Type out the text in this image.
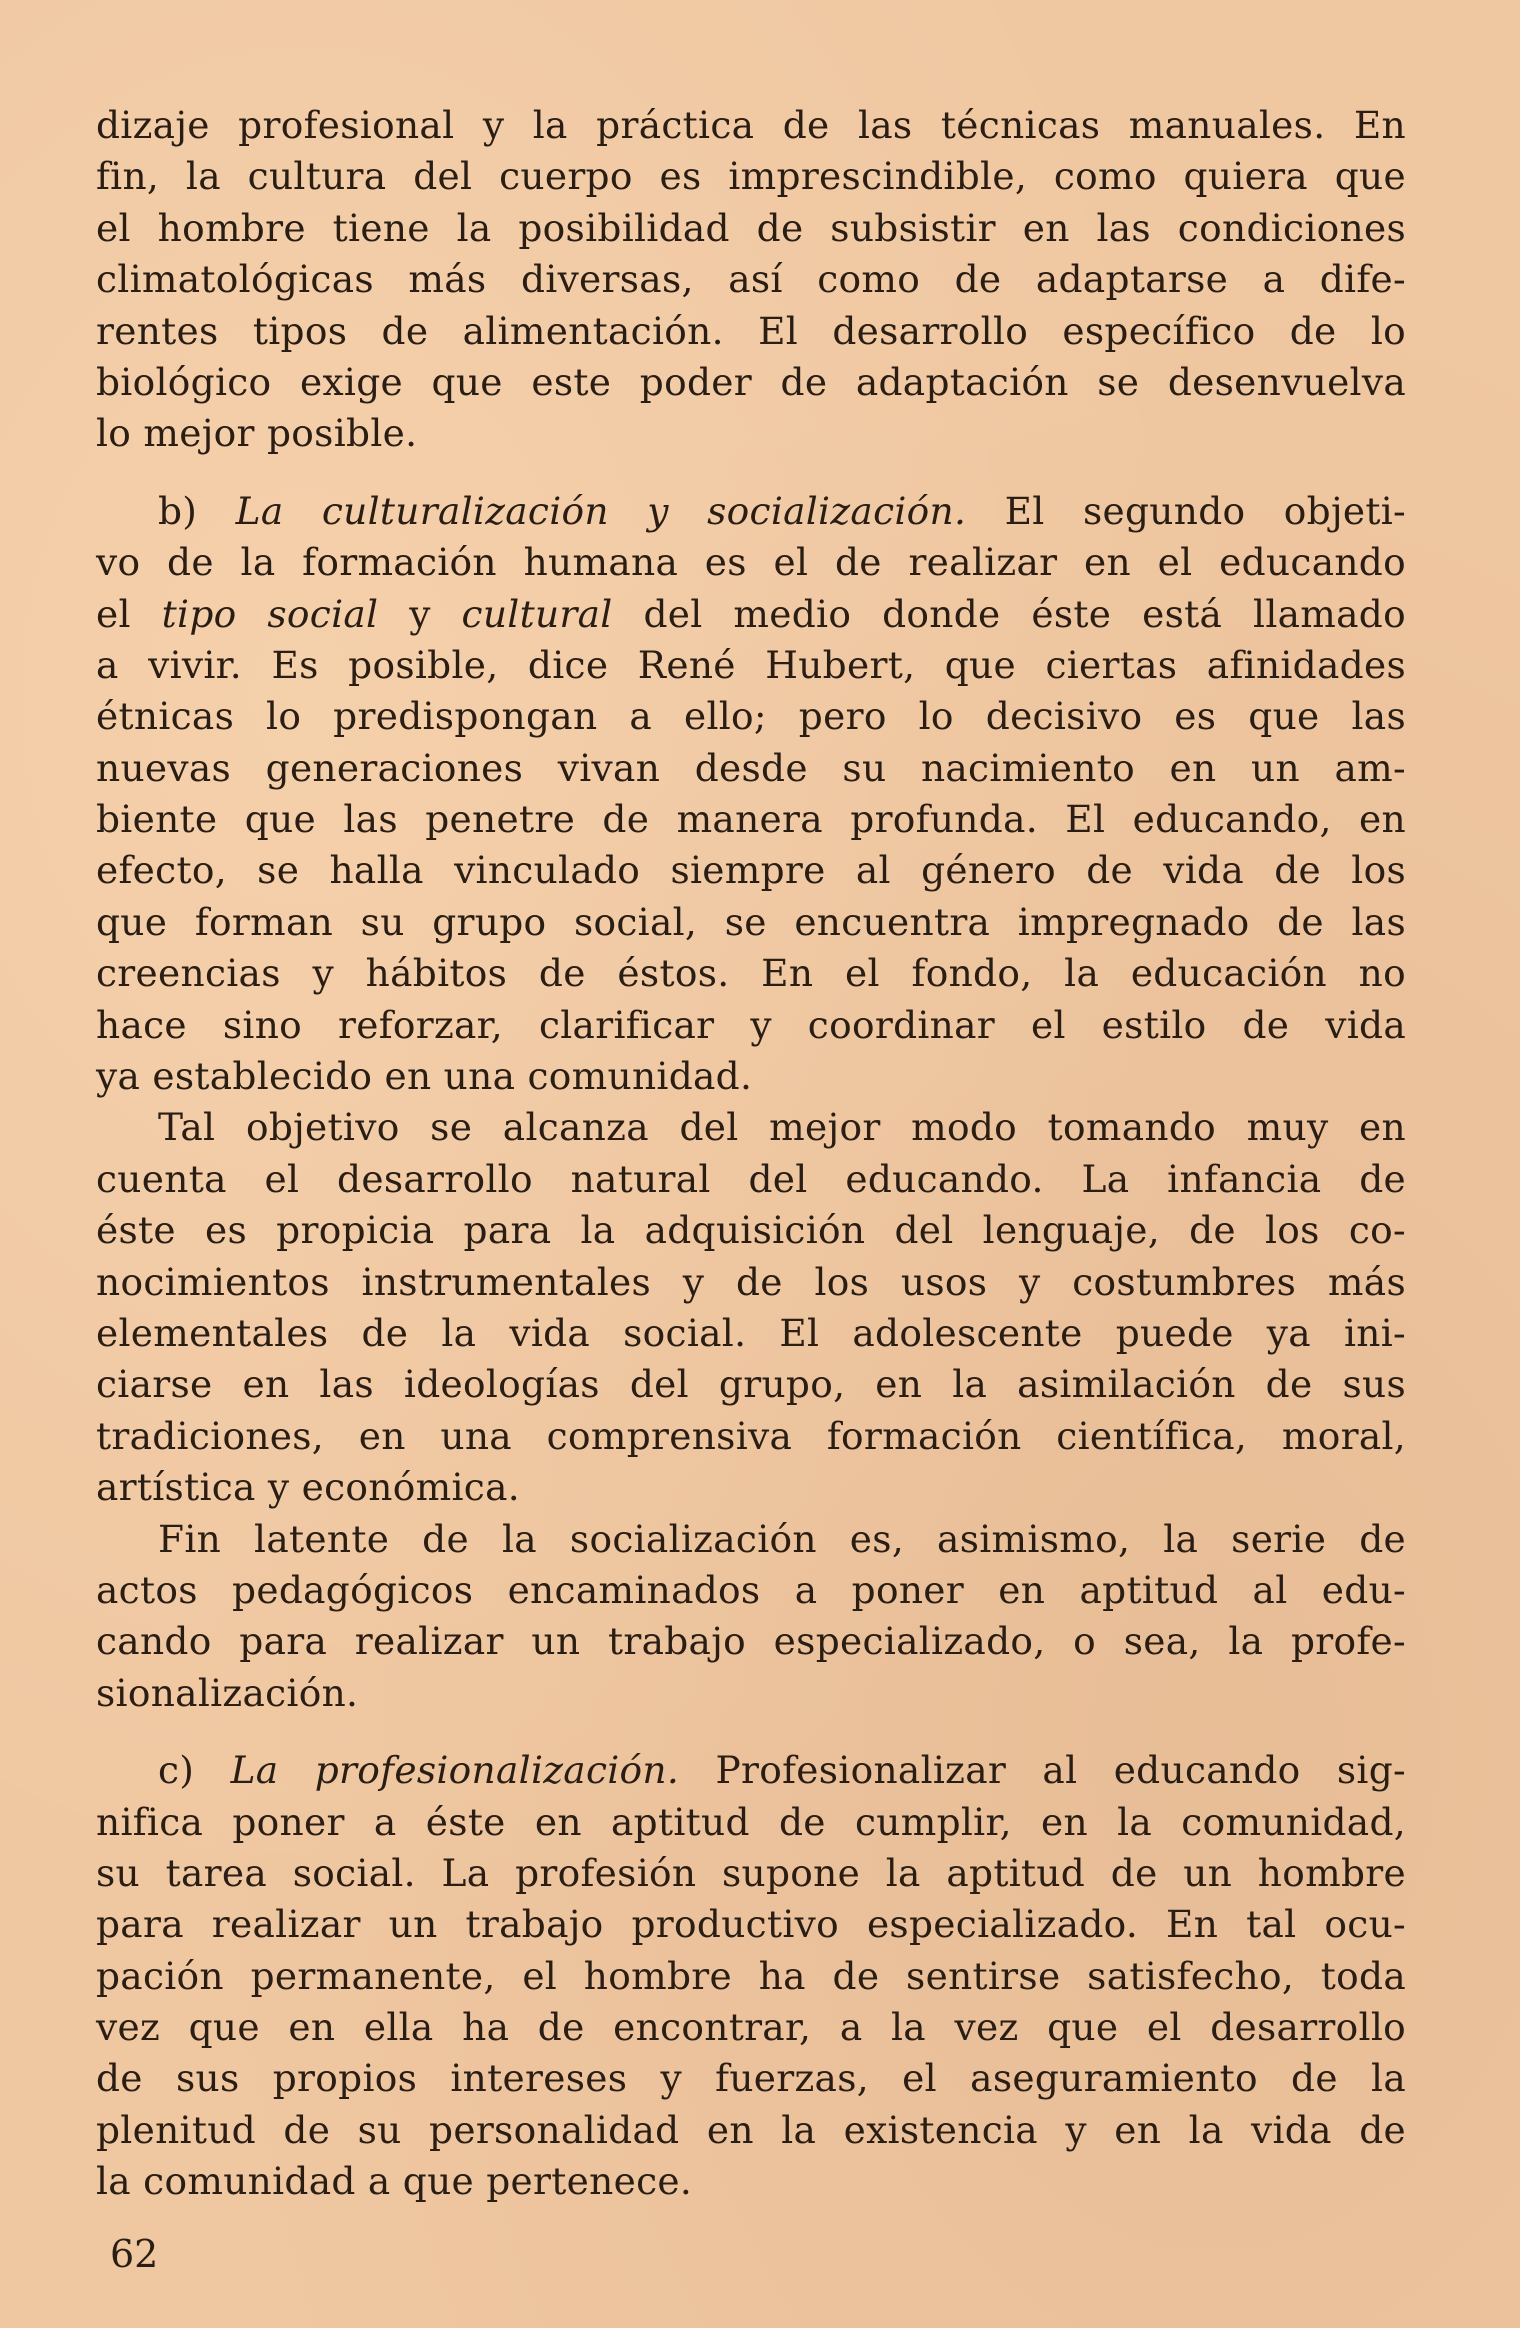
dizaje profesional y la práctica de las técnicas manuales. En
fin, la cultura del cuerpo es imprescindible, como quiera que
el hombre tiene la posibilidad de subsistir en las condiciones
climatológicas más diversas, así como de adaptarse a dife-
rentes tipos de alimentación. El desarrollo específico de lo
biológico exige que este poder de adaptación se desenvuelva
lo mejor posible.
b) La culturalización y socialización. El segundo objeti-
vo de la formación humana es el de realizar en el educando
el tipo social y cultural del medio donde éste está llamado
a vivir. Es posible, dice René Hubert, que ciertas afinidades
étnicas lo predispongan a ello; pero lo decisivo es que las
nuevas generaciones vivan desde su nacimiento en un am-
biente que las penetre de manera profunda. El educando, en
efecto, se halla vinculado siempre al género de vida de los
que forman su grupo social, se encuentra impregnado de las
creencias y hábitos de éstos. En el fondo, la educación no
hace sino reforzar, clarificar y coordinar el estilo de vida
ya establecido en una comunidad.
Tal objetivo se alcanza del mejor modo tomando muy en
cuenta el desarrollo natural del educando. La infancia de
éste es propicia para la adquisición del lenguaje, de los co-
nocimientos instrumentales y de los usos y costumbres más
elementales de la vida social. El adolescente puede ya ini-
ciarse en las ideologías del grupo, en la asimilación de sus
tradiciones, en una comprensiva formación científica, moral,
artística y económica.
Fin latente de la socialización es, asimismo, la serie de
actos pedagógicos encaminados a poner en aptitud al edu-
cando para realizar un trabajo especializado, o sea, la profe-
sionalización.
c) La profesionalización. Profesionalizar al educando sig-
nifica poner a éste en aptitud de cumplir, en la comunidad,
su tarea social. La profesión supone la aptitud de un hombre
para realizar un trabajo productivo especializado. En tal ocu-
pación permanente, el hombre ha de sentirse satisfecho, toda
vez que en ella ha de encontrar, a la vez que el desarrollo
de sus propios intereses y fuerzas, el aseguramiento de la
plenitud de su personalidad en la existencia y en la vida de
la comunidad a que pertenece.
62
